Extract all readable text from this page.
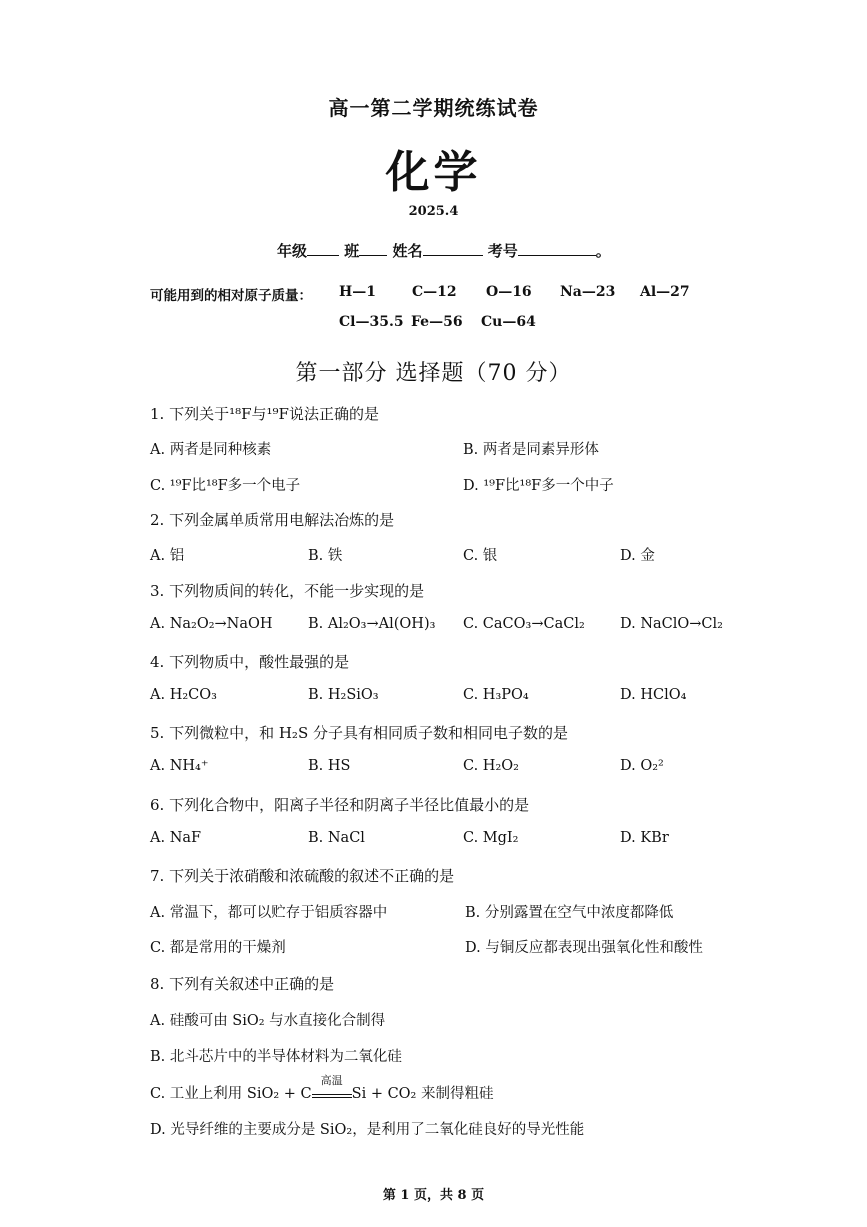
高一第二学期统练试卷
化学
2025.4
年级 班 姓名	考号	。
可能用到的相对原子质量： H—1	C—12 O—16 Na—23 Al—27
Cl—35.5 Fe—56 Cu—64
第一部分 选择题（70 分）
1. 下列关于¹⁸F与¹⁹F说法正确的是
A. 两者是同种核素	B. 两者是同素异形体
C. ¹⁹F比¹⁸F多一个电子	D. ¹⁹F比¹⁸F多一个中子
2. 下列金属单质常用电解法冶炼的是
A. 铝	B. 铁	C. 银	D. 金
3. 下列物质间的转化，不能一步实现的是
A. Na₂O₂→NaOH B. Al₂O₃→Al(OH)₃ C. CaCO₃→CaCl₂ D. NaClO→Cl₂
4. 下列物质中，酸性最强的是
A. H₂CO₃	B. H₂SiO₃	C. H₃PO₄	D. HClO₄
5. 下列微粒中，和 H₂S 分子具有相同质子数和相同电子数的是
A. NH₄⁺	B. HS	C. H₂O₂	D. O₂²
6. 下列化合物中，阳离子半径和阴离子半径比值最小的是
A. NaF	B. NaCl	C. MgI₂	D. KBr
7. 下列关于浓硝酸和浓硫酸的叙述不正确的是
A. 常温下，都可以贮存于铝质容器中	B. 分别露置在空气中浓度都降低
C. 都是常用的干燥剂	D. 与铜反应都表现出强氧化性和酸性
8. 下列有关叙述中正确的是
A. 硅酸可由 SiO₂ 与水直接化合制得
B. 北斗芯片中的半导体材料为二氧化硅
C. 工业上利用 SiO₂ + C
高温
Si + CO₂ 来制得粗硅
D. 光导纤维的主要成分是 SiO₂，是利用了二氧化硅良好的导光性能
第 1 页，共 8 页
